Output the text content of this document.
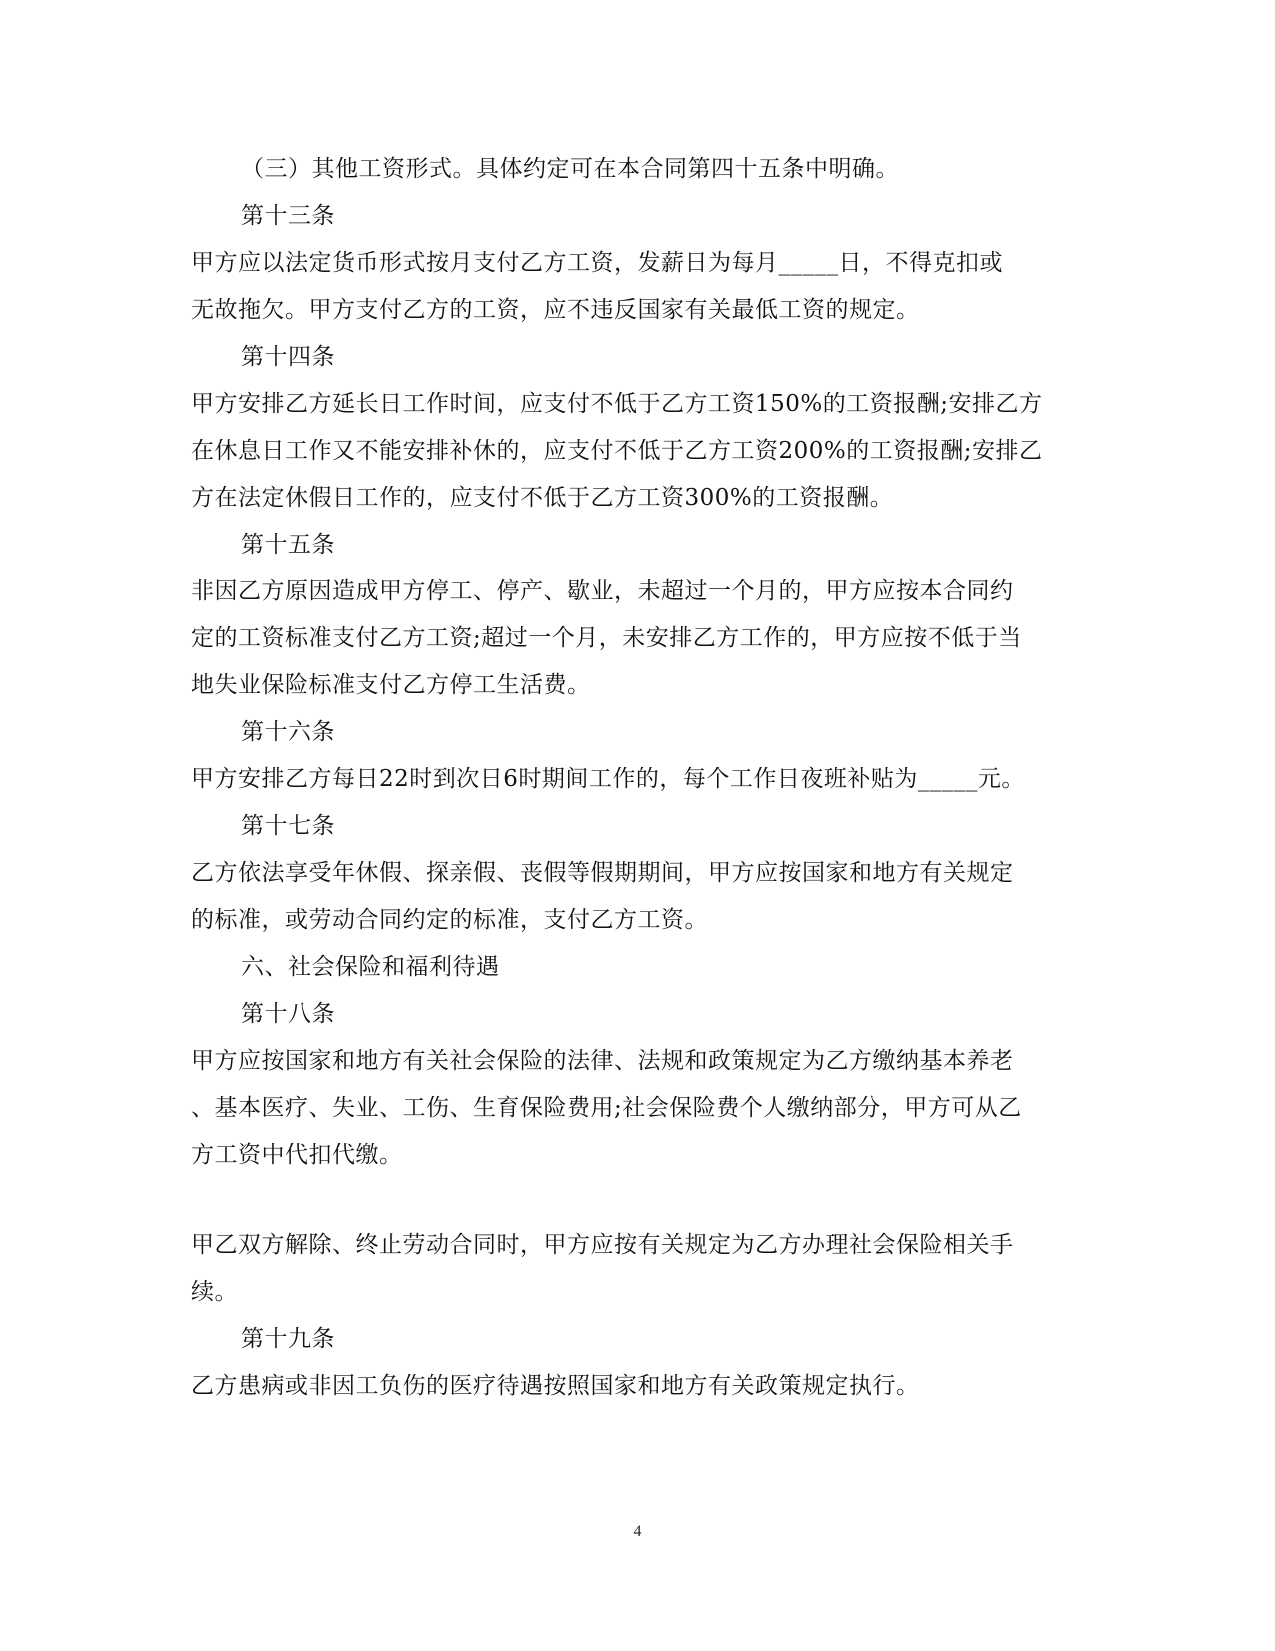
（三）其他工资形式。具体约定可在本合同第四十五条中明确。
第十三条
甲方应以法定货币形式按月支付乙方工资，发薪日为每月_____日，不得克扣或
无故拖欠。甲方支付乙方的工资，应不违反国家有关最低工资的规定。
第十四条
甲方安排乙方延长日工作时间，应支付不低于乙方工资150%的工资报酬;安排乙方
在休息日工作又不能安排补休的，应支付不低于乙方工资200%的工资报酬;安排乙
方在法定休假日工作的，应支付不低于乙方工资300%的工资报酬。
第十五条
非因乙方原因造成甲方停工、停产、歇业，未超过一个月的，甲方应按本合同约
定的工资标准支付乙方工资;超过一个月，未安排乙方工作的，甲方应按不低于当
地失业保险标准支付乙方停工生活费。
第十六条
甲方安排乙方每日22时到次日6时期间工作的，每个工作日夜班补贴为_____元。
第十七条
乙方依法享受年休假、探亲假、丧假等假期期间，甲方应按国家和地方有关规定
的标准，或劳动合同约定的标准，支付乙方工资。
六、社会保险和福利待遇
第十八条
甲方应按国家和地方有关社会保险的法律、法规和政策规定为乙方缴纳基本养老
、基本医疗、失业、工伤、生育保险费用;社会保险费个人缴纳部分，甲方可从乙
方工资中代扣代缴。
甲乙双方解除、终止劳动合同时，甲方应按有关规定为乙方办理社会保险相关手
续。
第十九条
乙方患病或非因工负伤的医疗待遇按照国家和地方有关政策规定执行。
4
